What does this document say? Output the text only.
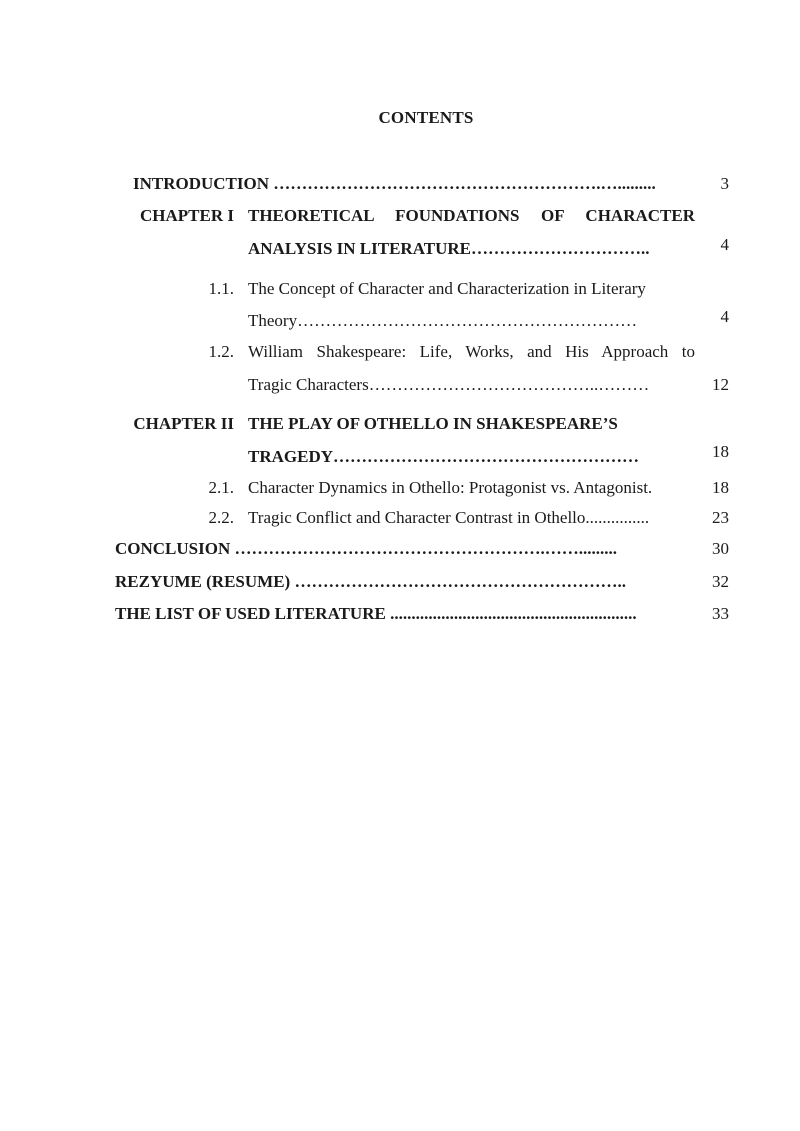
CONTENTS
INTRODUCTION ………………………………………………….….........	3
CHAPTER I THEORETICAL FOUNDATIONS OF CHARACTER
ANALYSIS IN LITERATURE…………………………..	4
1.1. The Concept of Character and Characterization in Literary
Theory……………………………………………………	4
1.2. William Shakespeare: Life, Works, and His Approach to
Tragic Characters…………………………………..………	12
CHAPTER II THE PLAY OF OTHELLO IN SHAKESPEARE’S
TRAGEDY………………………………………………	18
2.1. Character Dynamics in Othello: Protagonist vs. Antagonist.	18
2.2. Tragic Conflict and Character Contrast in Othello...............	23
CONCLUSION ……………………………………………….…….........	30
REZYUME (RESUME) …………………………………………………..	32
THE LIST OF USED LITERATURE ..........................................................	33
